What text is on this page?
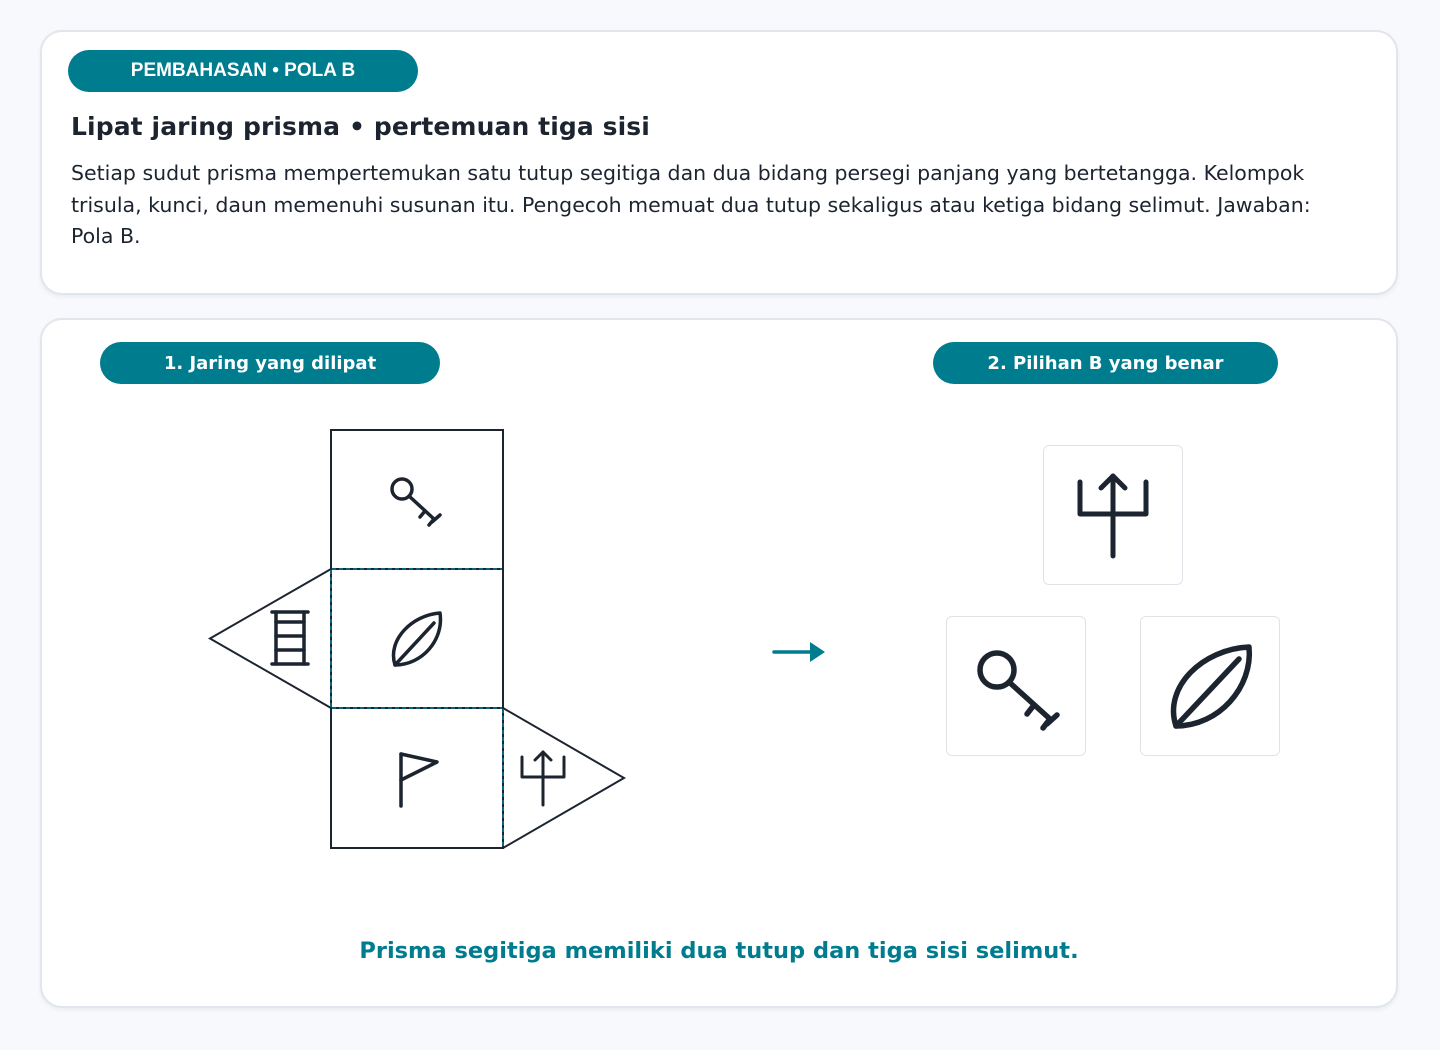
PEMBAHASAN • POLA B
Lipat jaring prisma • pertemuan tiga sisi

Setiap sudut prisma mempertemukan satu tutup segitiga dan dua bidang persegi panjang yang bertetangga. Kelompok trisula, kunci, daun memenuhi susunan itu. Pengecoh memuat dua tutup sekaligus atau ketiga bidang selimut. Jawaban: Pola B.

1. Jaring yang dilipat	2. Pilihan B yang benar

Prisma segitiga memiliki dua tutup dan tiga sisi selimut.
